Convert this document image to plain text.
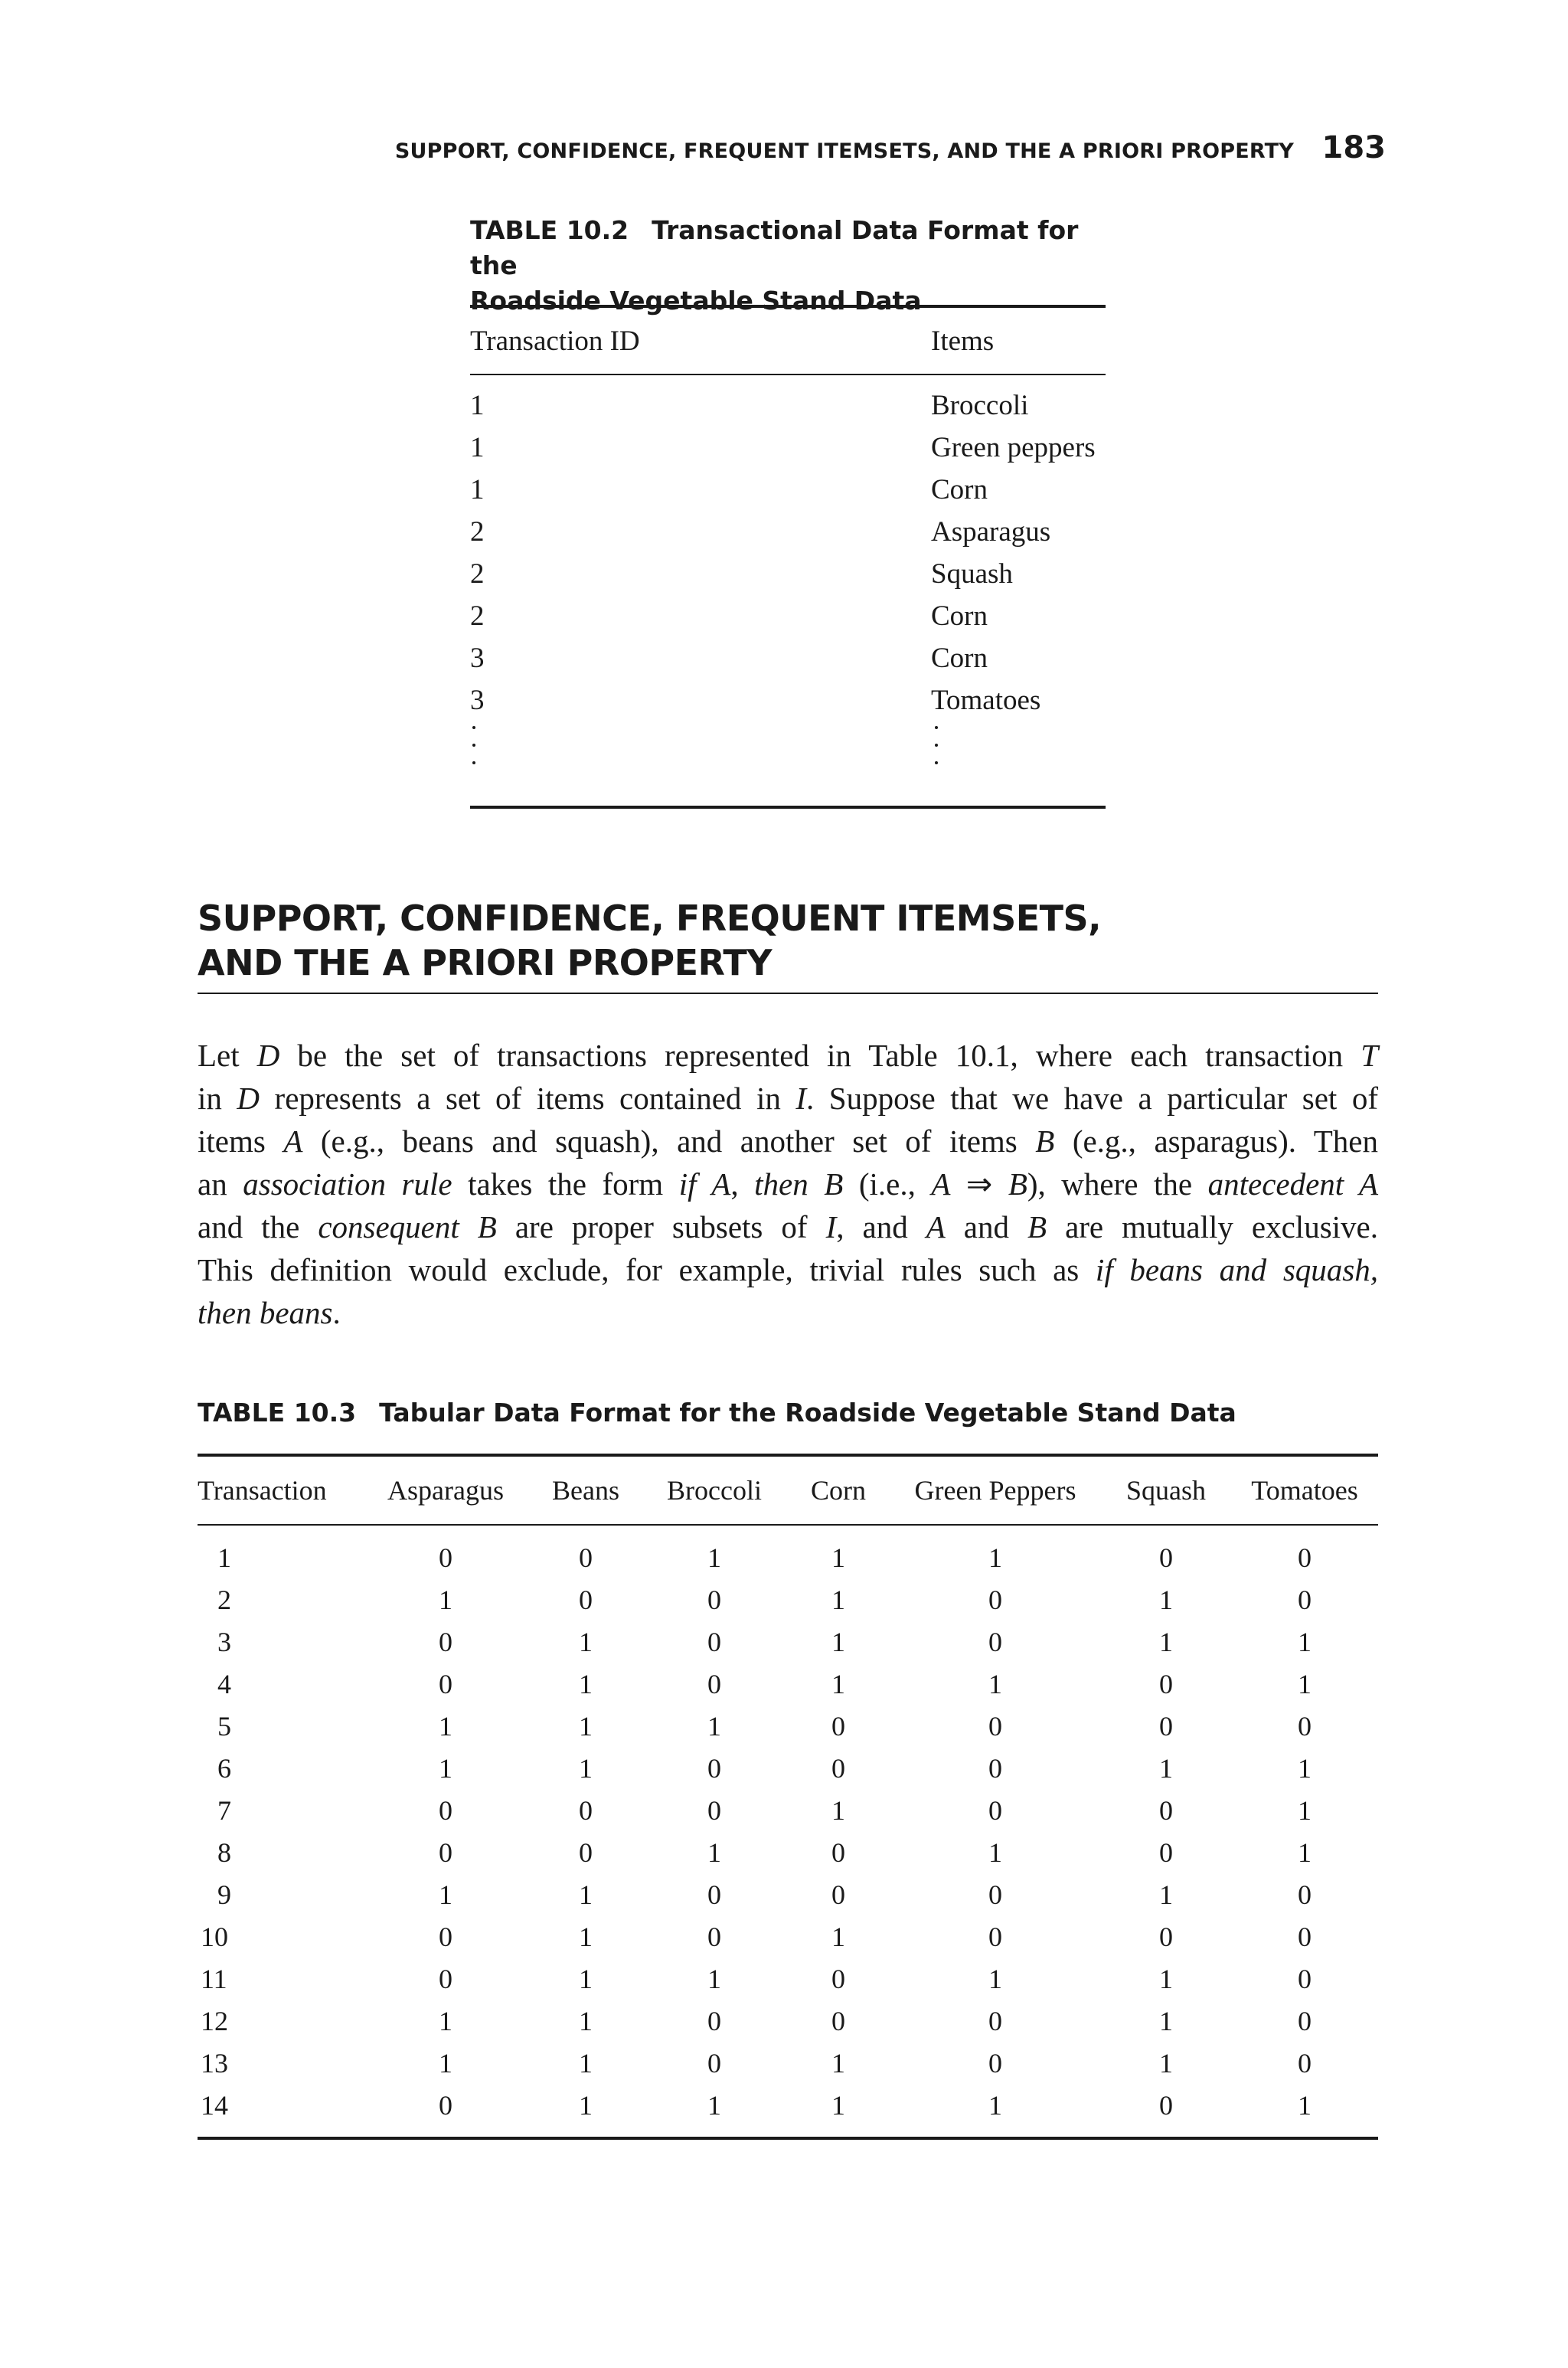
SUPPORT, CONFIDENCE, FREQUENT ITEMSETS, AND THE A PRIORI PROPERTY 183
TABLE 10.2 Transactional Data Format for the
Roadside Vegetable Stand Data
Transaction ID	Items
1	Broccoli
1	Green peppers
1	Corn
2	Asparagus
2	Squash
2	Corn
3	Corn
3	Tomatoes
SUPPORT, CONFIDENCE, FREQUENT ITEMSETS,
AND THE A PRIORI PROPERTY
Let D be the set of transactions represented in Table 10.1, where each transaction T
in D represents a set of items contained in I. Suppose that we have a particular set of
items A (e.g., beans and squash), and another set of items B (e.g., asparagus). Then
an association rule takes the form if A, then B (i.e., A ⇒ B), where the antecedent A
and the consequent B are proper subsets of I, and A and B are mutually exclusive.
This definition would exclude, for example, trivial rules such as if beans and squash,
then beans.
TABLE 10.3 Tabular Data Format for the Roadside Vegetable Stand Data
Transaction	Asparagus	Beans	Broccoli	Corn	Green Peppers	Squash	Tomatoes
1	0	0	1	1	1	0	0
2	1	0	0	1	0	1	0
3	0	1	0	1	0	1	1
4	0	1	0	1	1	0	1
5	1	1	1	0	0	0	0
6	1	1	0	0	0	1	1
7	0	0	0	1	0	0	1
8	0	0	1	0	1	0	1
9	1	1	0	0	0	1	0
10	0	1	0	1	0	0	0
11	0	1	1	0	1	1	0
12	1	1	0	0	0	1	0
13	1	1	0	1	0	1	0
14	0	1	1	1	1	0	1
